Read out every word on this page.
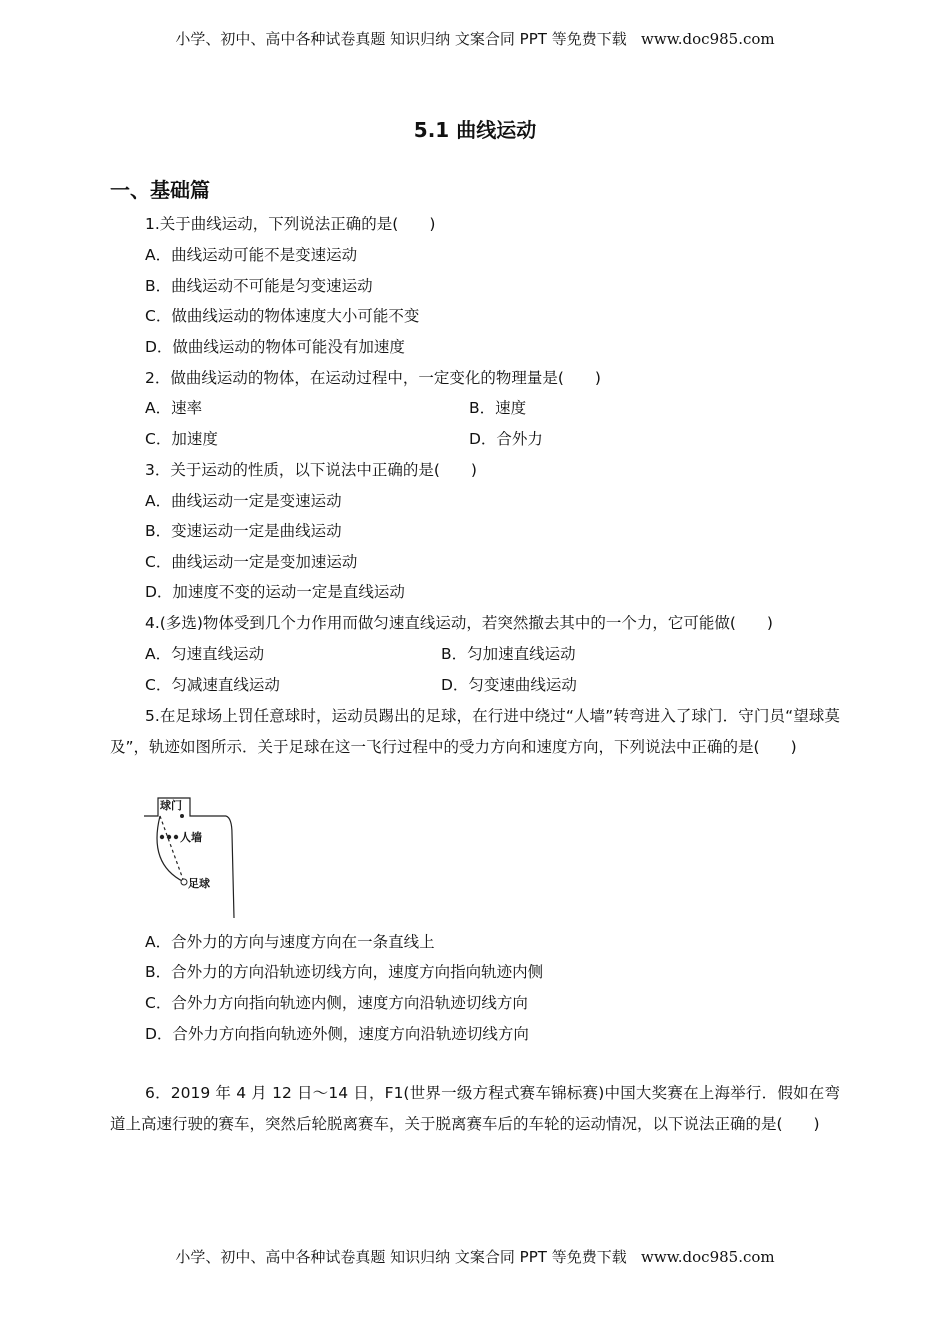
小学、初中、高中各种试卷真题 知识归纳 文案合同 PPT 等免费下载 www.doc985.com
5.1 曲线运动
一、基础篇
1.关于曲线运动，下列说法正确的是(　　)
A．曲线运动可能不是变速运动
B．曲线运动不可能是匀变速运动
C．做曲线运动的物体速度大小可能不变
D．做曲线运动的物体可能没有加速度
2．做曲线运动的物体，在运动过程中，一定变化的物理量是(　　)
A．速率	B．速度
C．加速度	D．合外力
3．关于运动的性质，以下说法中正确的是(　　)
A．曲线运动一定是变速运动
B．变速运动一定是曲线运动
C．曲线运动一定是变加速运动
D．加速度不变的运动一定是直线运动
4.(多选)物体受到几个力作用而做匀速直线运动，若突然撤去其中的一个力，它可能做(　　)
A．匀速直线运动	B．匀加速直线运动
C．匀减速直线运动	D．匀变速曲线运动
5.在足球场上罚任意球时，运动员踢出的足球，在行进中绕过“人墙”转弯进入了球门．守门员“望球莫及”，轨迹如图所示．关于足球在这一飞行过程中的受力方向和速度方向，下列说法中正确的是(　　)
球门
人墙
足球
A．合外力的方向与速度方向在一条直线上
B．合外力的方向沿轨迹切线方向，速度方向指向轨迹内侧
C．合外力方向指向轨迹内侧，速度方向沿轨迹切线方向
D．合外力方向指向轨迹外侧，速度方向沿轨迹切线方向
6．2019 年 4 月 12 日～14 日，F1(世界一级方程式赛车锦标赛)中国大奖赛在上海举行．假如在弯道上高速行驶的赛车，突然后轮脱离赛车，关于脱离赛车后的车轮的运动情况，以下说法正确的是(　　)
小学、初中、高中各种试卷真题 知识归纳 文案合同 PPT 等免费下载 www.doc985.com
